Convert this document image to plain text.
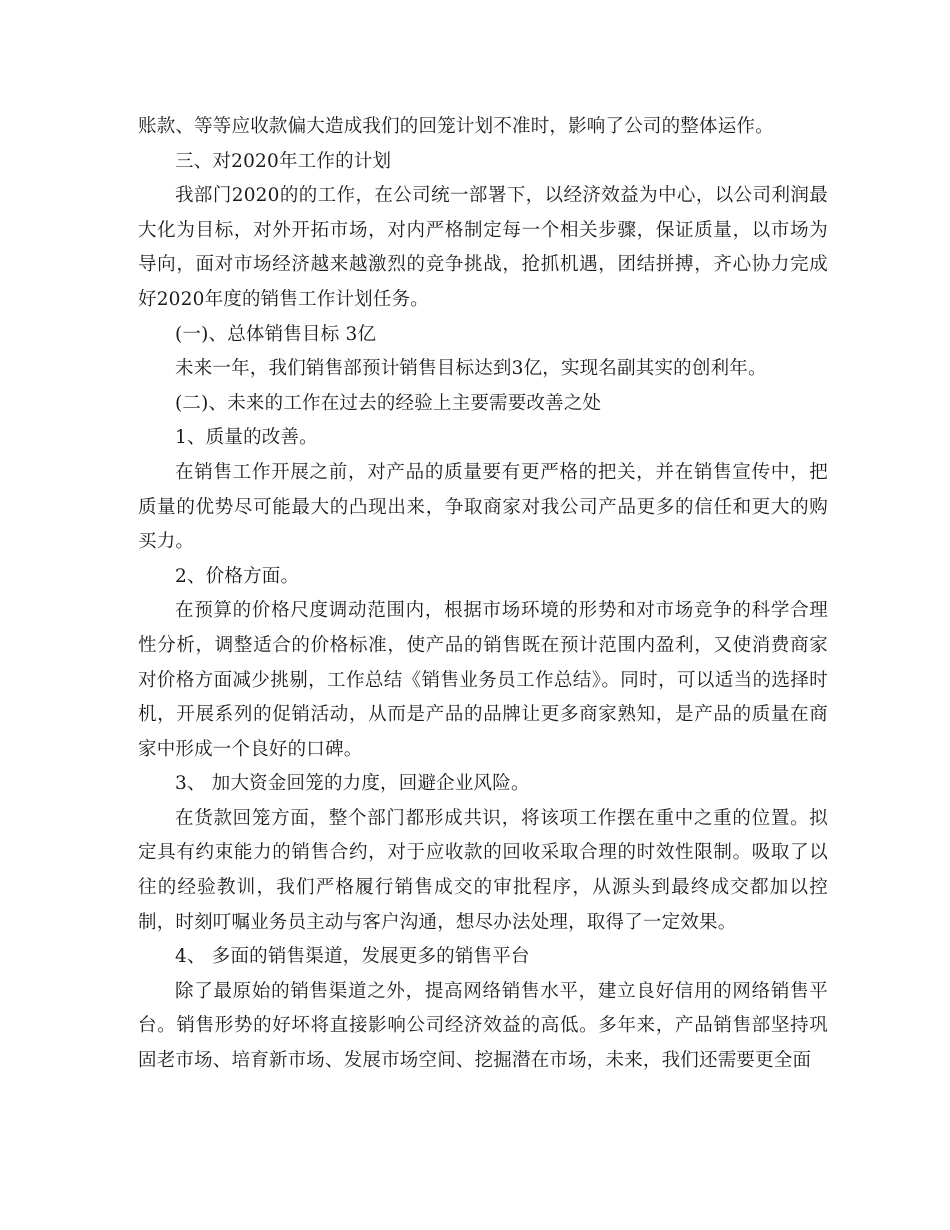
账款、等等应收款偏大造成我们的回笼计划不准时，影响了公司的整体运作。

三、对2020年工作的计划

我部门2020的的工作，在公司统一部署下，以经济效益为中心，以公司利润最大化为目标，对外开拓市场，对内严格制定每一个相关步骤，保证质量，以市场为导向，面对市场经济越来越激烈的竞争挑战，抢抓机遇，团结拼搏，齐心协力完成好2020年度的销售工作计划任务。

(一)、总体销售目标 3亿

未来一年，我们销售部预计销售目标达到3亿，实现名副其实的创利年。

(二)、未来的工作在过去的经验上主要需要改善之处

1、质量的改善。

在销售工作开展之前，对产品的质量要有更严格的把关，并在销售宣传中，把质量的优势尽可能最大的凸现出来，争取商家对我公司产品更多的信任和更大的购买力。

2、价格方面。

在预算的价格尺度调动范围内，根据市场环境的形势和对市场竞争的科学合理性分析，调整适合的价格标准，使产品的销售既在预计范围内盈利，又使消费商家对价格方面减少挑剔，工作总结《销售业务员工作总结》。同时，可以适当的选择时机，开展系列的促销活动，从而是产品的品牌让更多商家熟知，是产品的质量在商家中形成一个良好的口碑。

3、 加大资金回笼的力度，回避企业风险。

在货款回笼方面，整个部门都形成共识，将该项工作摆在重中之重的位置。拟定具有约束能力的销售合约，对于应收款的回收采取合理的时效性限制。吸取了以往的经验教训，我们严格履行销售成交的审批程序，从源头到最终成交都加以控制，时刻叮嘱业务员主动与客户沟通，想尽办法处理，取得了一定效果。

4、 多面的销售渠道，发展更多的销售平台

除了最原始的销售渠道之外，提高网络销售水平，建立良好信用的网络销售平台。销售形势的好坏将直接影响公司经济效益的高低。多年来，产品销售部坚持巩固老市场、培育新市场、发展市场空间、挖掘潜在市场，未来，我们还需要更全面
